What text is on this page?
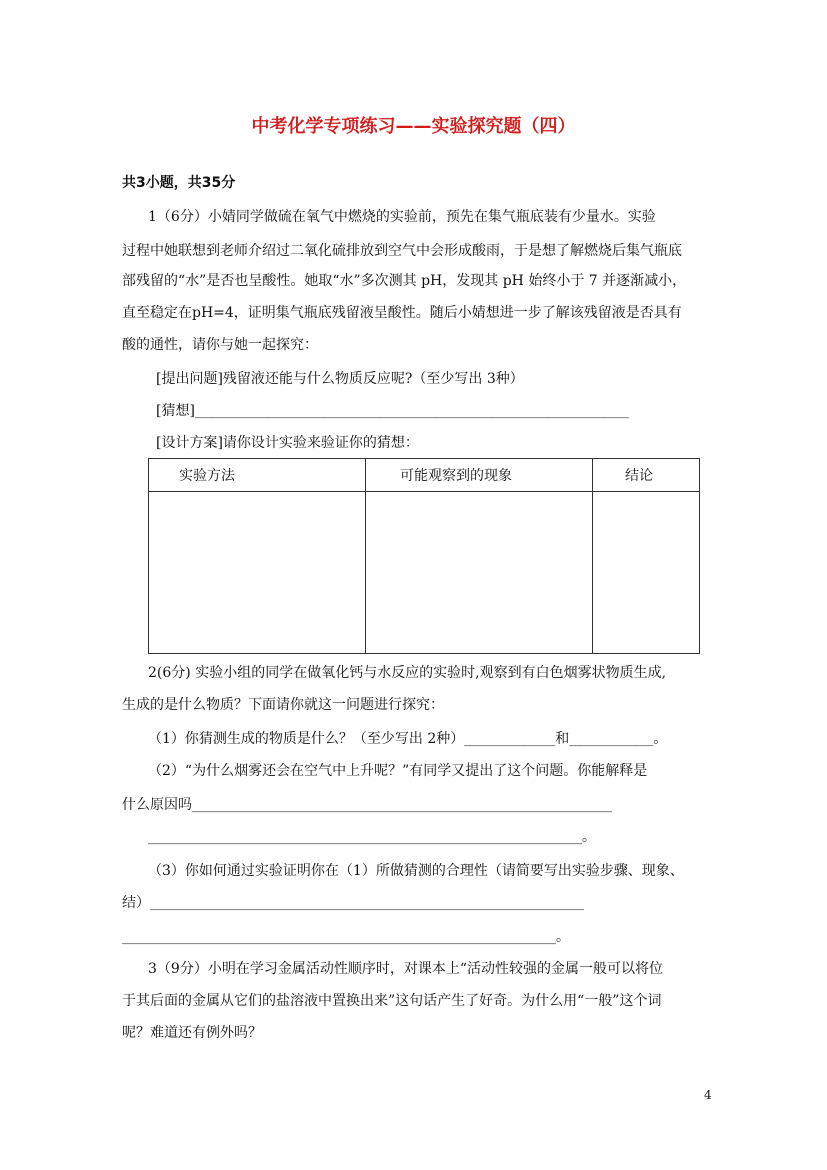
中考化学专项练习——实验探究题（四）
共3小题，共35分
1（6分）小婧同学做硫在氧气中燃烧的实验前，预先在集气瓶底装有少量水。实验
过程中她联想到老师介绍过二氧化硫排放到空气中会形成酸雨，于是想了解燃烧后集气瓶底
部残留的“水”是否也呈酸性。她取“水”多次测其 pH，发现其 pH 始终小于 7 并逐渐减小，
直至稳定在pH=4，证明集气瓶底残留液呈酸性。随后小婧想进一步了解该残留液是否具有
酸的通性，请你与她一起探究：
[提出问题]残留液还能与什么物质反应呢?（至少写出 3种）
[猜想]______________________________________________________________
[设计方案]请你设计实验来验证你的猜想：
实验方法	可能观察到的现象	结论

2(6分) 实验小组的同学在做氧化钙与水反应的实验时,观察到有白色烟雾状物质生成,
生成的是什么物质？下面请你就这一问题进行探究：
（1）你猜测生成的物质是什么？（至少写出 2种）_____________和____________。
（2）“为什么烟雾还会在空气中上升呢？”有同学又提出了这个问题。你能解释是
什么原因吗____________________________________________________________
______________________________________________________________。
（3）你如何通过实验证明你在（1）所做猜测的合理性（请简要写出实验步骤、现象、
结）______________________________________________________________
______________________________________________________________。
3（9分）小明在学习金属活动性顺序时，对课本上“活动性较强的金属一般可以将位
于其后面的金属从它们的盐溶液中置换出来”这句话产生了好奇。为什么用“一般”这个词
呢？难道还有例外吗？
4
